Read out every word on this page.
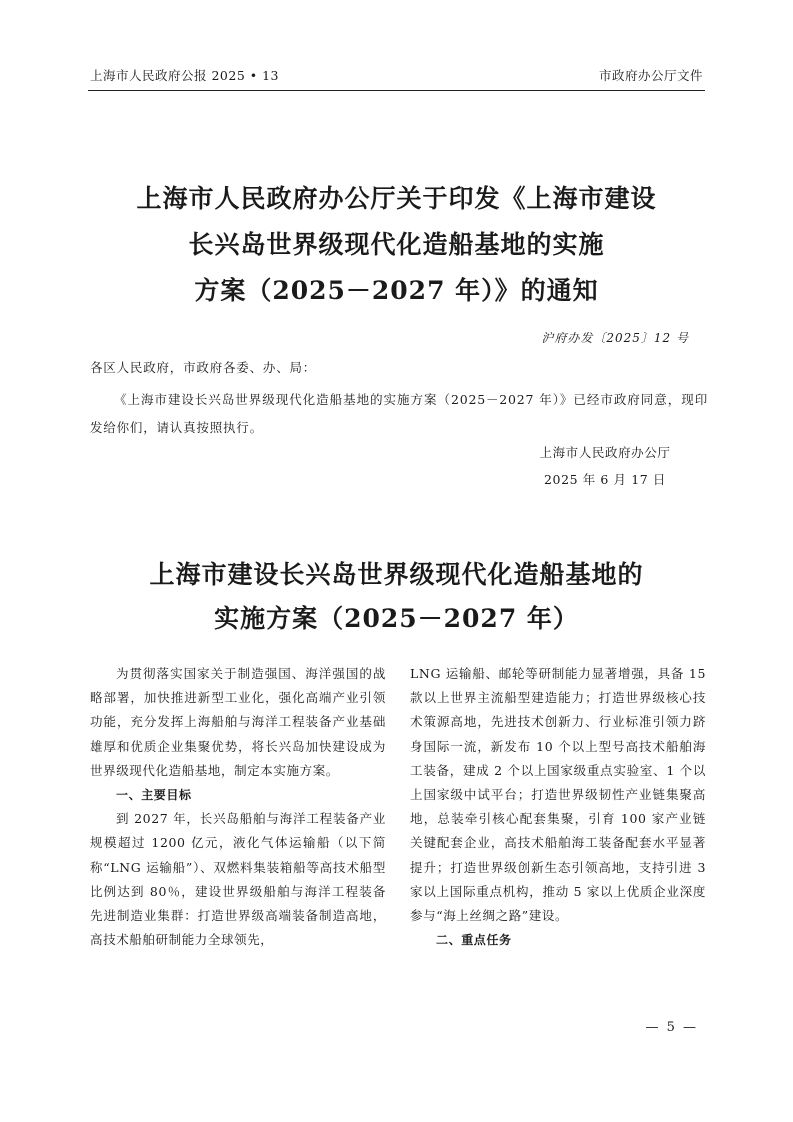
上海市人民政府公报 2025 • 13	市政府办公厅文件
上海市人民政府办公厅关于印发《上海市建设
长兴岛世界级现代化造船基地的实施
方案（2025－2027 年）》的通知
沪府办发〔2025〕12 号
各区人民政府，市政府各委、办、局：
《上海市建设长兴岛世界级现代化造船基地的实施方案（2025－2027 年）》已经市政府同意，现印发给你们，请认真按照执行。
上海市人民政府办公厅
2025 年 6 月 17 日
上海市建设长兴岛世界级现代化造船基地的
实施方案（2025－2027 年）

为贯彻落实国家关于制造强国、海洋强国的战略部署，加快推进新型工业化，强化高端产业引领功能，充分发挥上海船舶与海洋工程装备产业基础雄厚和优质企业集聚优势，将长兴岛加快建设成为世界级现代化造船基地，制定本实施方案。

一、主要目标

到 2027 年，长兴岛船舶与海洋工程装备产业规模超过 1200 亿元，液化气体运输船（以下简称“LNG 运输船”）、双燃料集装箱船等高技术船型比例达到 80％，建设世界级船舶与海洋工程装备先进制造业集群：打造世界级高端装备制造高地，高技术船舶研制能力全球领先，

LNG 运输船、邮轮等研制能力显著增强，具备 15 款以上世界主流船型建造能力；打造世界级核心技术策源高地，先进技术创新力、行业标准引领力跻身国际一流，新发布 10 个以上型号高技术船舶海工装备，建成 2 个以上国家级重点实验室、1 个以上国家级中试平台；打造世界级韧性产业链集聚高地，总装牵引核心配套集聚，引育 100 家产业链关键配套企业，高技术船舶海工装备配套水平显著提升；打造世界级创新生态引领高地，支持引进 3 家以上国际重点机构，推动 5 家以上优质企业深度参与“海上丝绸之路”建设。

二、重点任务

— 5 —
